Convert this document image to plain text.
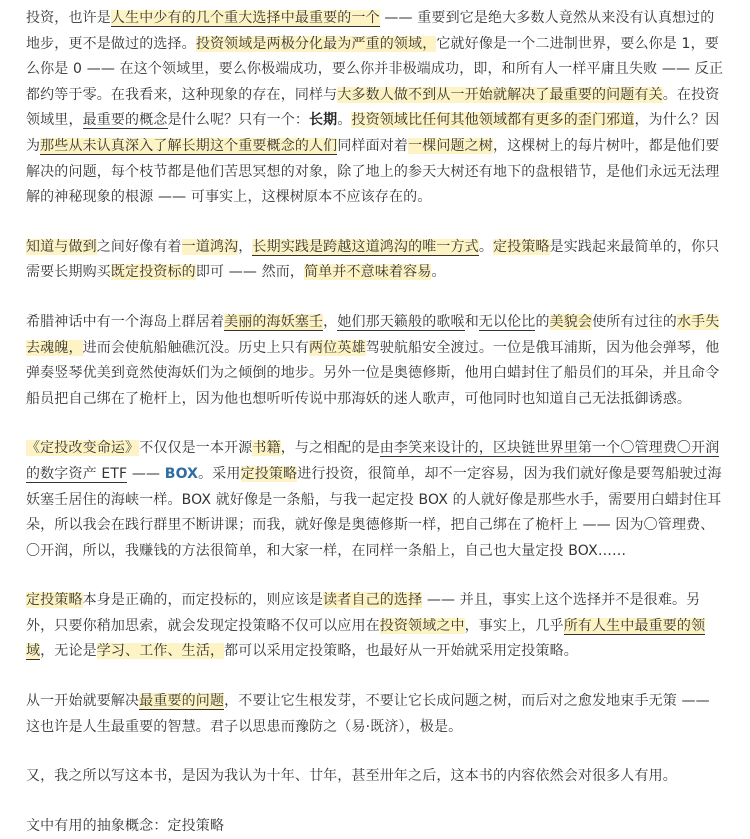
投资，也许是人生中少有的几个重大选择中最重要的一个 —— 重要到它是绝大多数人竟然从来没有认真想过的地步，更不是做过的选择。投资领域是两极分化最为严重的领域，它就好像是一个二进制世界，要么你是 1，要么你是 0 —— 在这个领域里，要么你极端成功，要么你并非极端成功，即，和所有人一样平庸且失败 —— 反正都约等于零。在我看来，这种现象的存在，同样与大多数人做不到从一开始就解决了最重要的问题有关。在投资领域里，最重要的概念是什么呢？只有一个：长期。投资领域比任何其他领域都有更多的歪门邪道，为什么？因为那些从未认真深入了解长期这个重要概念的人们同样面对着一棵问题之树，这棵树上的每片树叶，都是他们要解决的问题，每个枝节都是他们苦思冥想的对象，除了地上的参天大树还有地下的盘根错节，是他们永远无法理解的神秘现象的根源 —— 可事实上，这棵树原本不应该存在的。

知道与做到之间好像有着一道鸿沟，长期实践是跨越这道鸿沟的唯一方式。定投策略是实践起来最简单的，你只需要长期购买既定投资标的即可 —— 然而，简单并不意味着容易。

希腊神话中有一个海岛上群居着美丽的海妖塞壬，她们那天籁般的歌喉和无以伦比的美貌会使所有过往的水手失去魂魄，进而会使航船触礁沉没。历史上只有两位英雄驾驶航船安全渡过。一位是俄耳浦斯，因为他会弹琴，他弹奏竖琴优美到竟然使海妖们为之倾倒的地步。另外一位是奥德修斯，他用白蜡封住了船员们的耳朵，并且命令船员把自己绑在了桅杆上，因为他也想听听传说中那海妖的迷人歌声，可他同时也知道自己无法抵御诱惑。

《定投改变命运》不仅仅是一本开源书籍，与之相配的是由李笑来设计的，区块链世界里第一个〇管理费〇开润的数字资产 ETF —— BOX。采用定投策略进行投资，很简单，却不一定容易，因为我们就好像是要驾船驶过海妖塞壬居住的海峡一样。BOX 就好像是一条船，与我一起定投 BOX 的人就好像是那些水手，需要用白蜡封住耳朵，所以我会在践行群里不断讲课；而我，就好像是奥德修斯一样，把自己绑在了桅杆上 —— 因为〇管理费、〇开润，所以，我赚钱的方法很简单，和大家一样，在同样一条船上，自己也大量定投 BOX……

定投策略本身是正确的，而定投标的，则应该是读者自己的选择 —— 并且，事实上这个选择并不是很难。另外，只要你稍加思索，就会发现定投策略不仅可以应用在投资领域之中，事实上，几乎所有人生中最重要的领域，无论是学习、工作、生活，都可以采用定投策略，也最好从一开始就采用定投策略。

从一开始就要解决最重要的问题，不要让它生根发芽，不要让它长成问题之树，而后对之愈发地束手无策 —— 这也许是人生最重要的智慧。君子以思患而豫防之（易·既济），极是。

又，我之所以写这本书，是因为我认为十年、廿年，甚至卅年之后，这本书的内容依然会对很多人有用。

文中有用的抽象概念：定投策略
